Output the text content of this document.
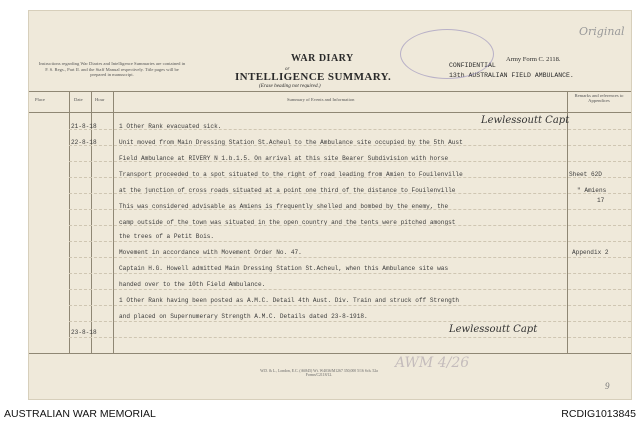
Instructions regarding War Diaries and Intelligence Summaries are contained in F. S. Regs., Part II. and the Staff Manual respectively. Title pages will be prepared in manuscript.
WAR DIARY
or
INTELLIGENCE SUMMARY.
(Erase heading not required.)
Army Form C. 2118.
CONFIDENTIAL
13th AUSTRALIAN FIELD AMBULANCE.
Original
Place	Date	Hour	Summary of Events and Information
Remarks and references to Appendices
21-8-18	1 Other Rank evacuated sick.
22-8-18	Unit moved from Main Dressing Station St.Acheul to the Ambulance site occupied by the 5th Aust
Field Ambulance at RIVERY N 1.b.1.5. On arrival at this site Bearer Subdivision with horse
Transport proceeded to a spot situated to the right of road leading from Amien to Fouilenville	Sheet 62D
at the junction of cross roads situated at a point one third of the distance to Fouilenville	" Amiens
This was considered advisable as Amiens is frequently shelled and bombed by the enemy, the
17
camp outside of the town was situated in the open country and the tents were pitched amongst
the trees of a Petit Bois.
Movement in accordance with Movement Order No. 47.	Appendix 2
Captain H.G. Howell admitted Main Dressing Station St.Acheul, when this Ambulance site was
handed over to the 10th Field Ambulance.
1 Other Rank having been posted as A.M.C. Detail 4th Aust. Div. Train and struck off Strength
and placed on Supernumerary Strength A.M.C. Details dated 23-8-1918.
23-8-18
Lewlessoutt Capt
Lewlessoutt Capt
W.D. & L., London, E.C. (A6845) Wt. W4036/M1267 350,000 5/16 Sch. 52a Forms/C2118/12.
AWM 4/26
9
AUSTRALIAN WAR MEMORIAL	RCDIG1013845
